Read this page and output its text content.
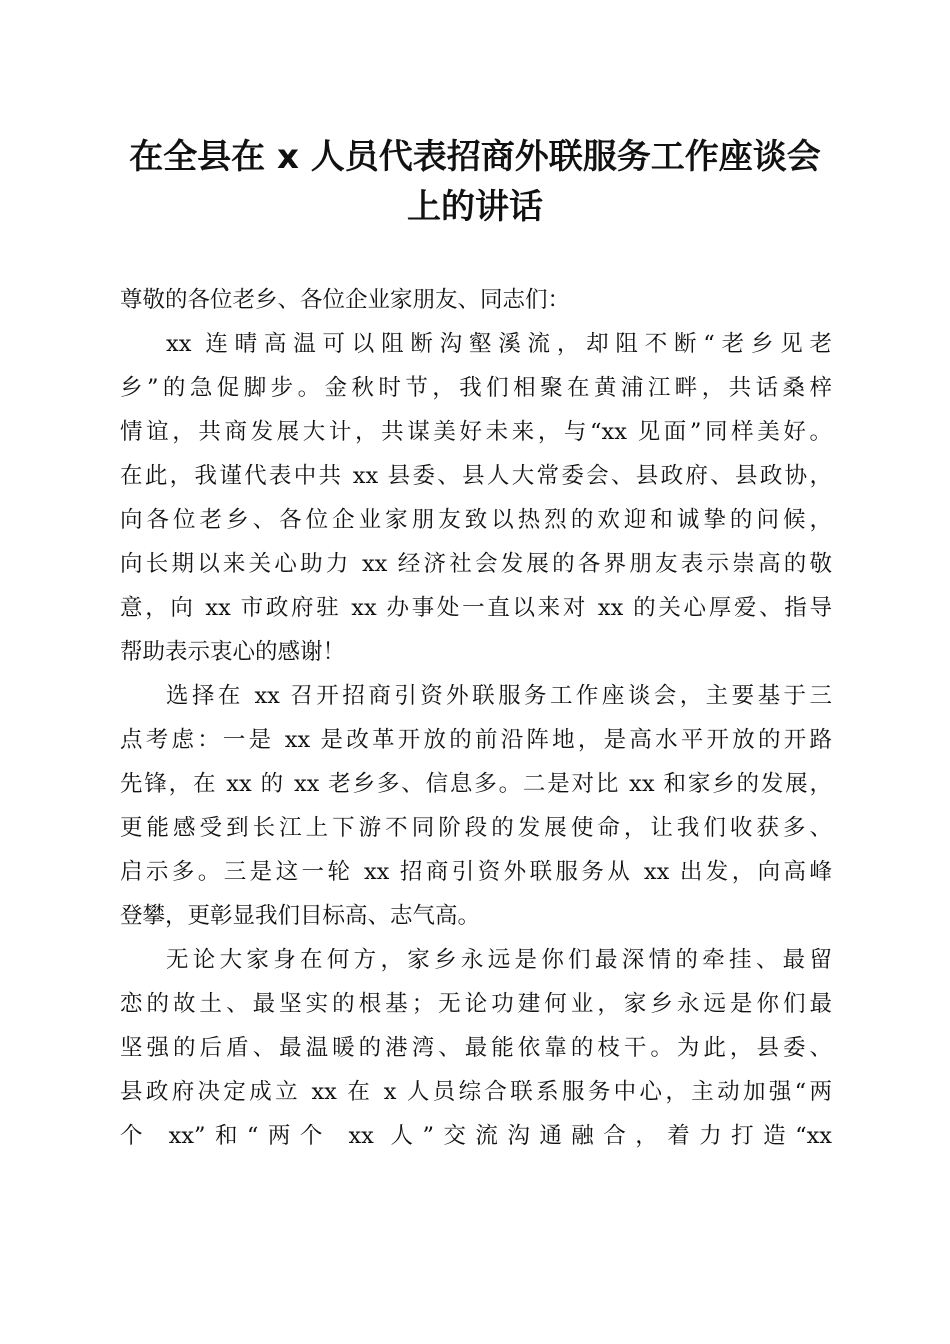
在全县在 x 人员代表招商外联服务工作座谈会
上的讲话
尊敬的各位老乡、各位企业家朋友、同志们：
xx 连晴高温可以阻断沟壑溪流，却阻不断“老乡见老
乡”的急促脚步。金秋时节，我们相聚在黄浦江畔，共话桑梓
情谊，共商发展大计，共谋美好未来，与“xx 见面”同样美好。
在此，我谨代表中共 xx 县委、县人大常委会、县政府、县政协，
向各位老乡、各位企业家朋友致以热烈的欢迎和诚挚的问候，
向长期以来关心助力 xx 经济社会发展的各界朋友表示崇高的敬
意，向 xx 市政府驻 xx 办事处一直以来对 xx 的关心厚爱、指导
帮助表示衷心的感谢！
选择在 xx 召开招商引资外联服务工作座谈会，主要基于三
点考虑：一是 xx 是改革开放的前沿阵地，是高水平开放的开路
先锋，在 xx 的 xx 老乡多、信息多。二是对比 xx 和家乡的发展，
更能感受到长江上下游不同阶段的发展使命，让我们收获多、
启示多。三是这一轮 xx 招商引资外联服务从 xx 出发，向高峰
登攀，更彰显我们目标高、志气高。
无论大家身在何方，家乡永远是你们最深情的牵挂、最留
恋的故土、最坚实的根基；无论功建何业，家乡永远是你们最
坚强的后盾、最温暖的港湾、最能依靠的枝干。为此，县委、
县政府决定成立 xx 在 x 人员综合联系服务中心，主动加强“两
个 xx”和“两个 xx 人”交流沟通融合，着力打造“xx
